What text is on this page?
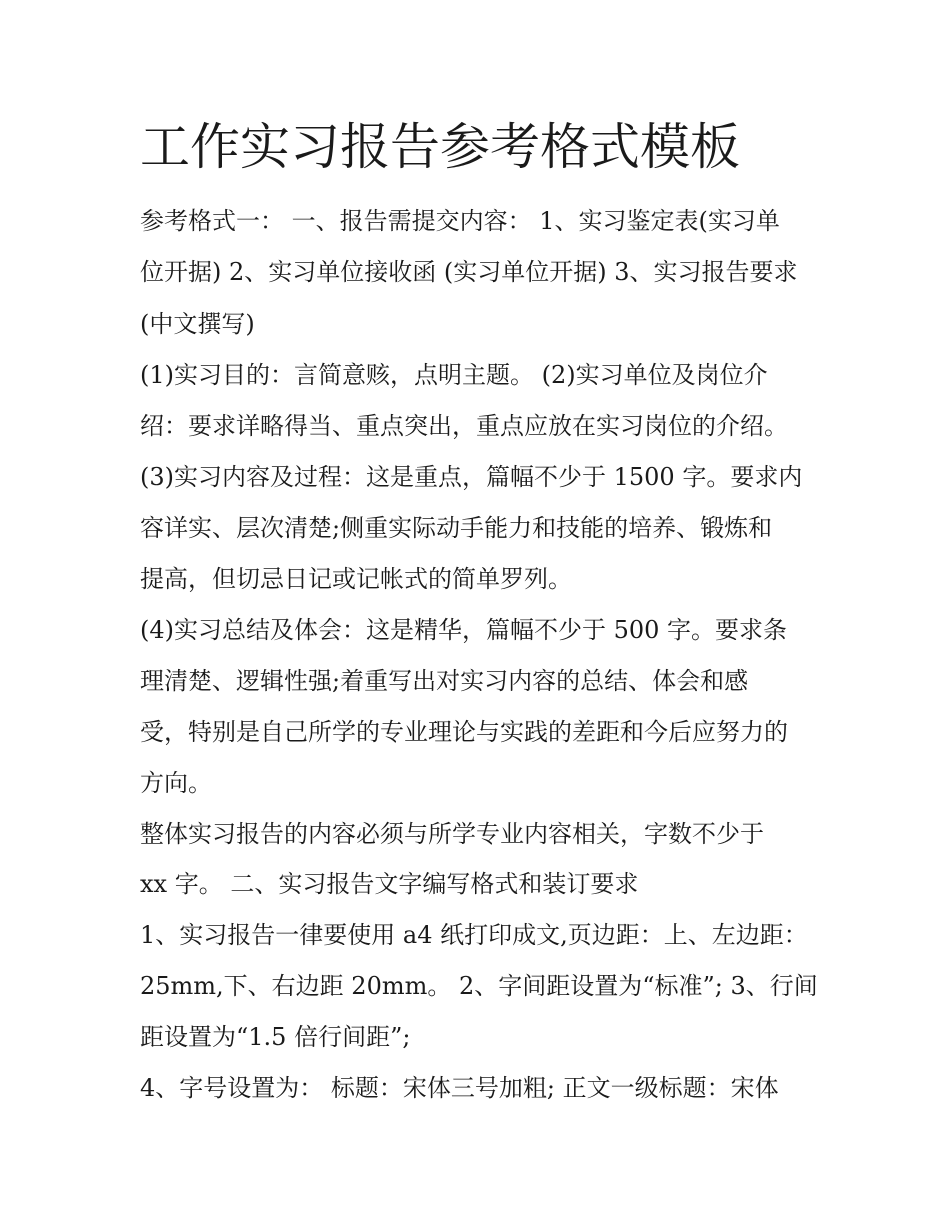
工作实习报告参考格式模板

参考格式一： 一、报告需提交内容： 1、实习鉴定表(实习单

位开据) 2、实习单位接收函 (实习单位开据) 3、实习报告要求

(中文撰写)

(1)实习目的：言简意赅，点明主题。 (2)实习单位及岗位介

绍：要求详略得当、重点突出，重点应放在实习岗位的介绍。

(3)实习内容及过程：这是重点，篇幅不少于 1500 字。要求内

容详实、层次清楚;侧重实际动手能力和技能的培养、锻炼和

提高，但切忌日记或记帐式的简单罗列。

(4)实习总结及体会：这是精华，篇幅不少于 500 字。要求条

理清楚、逻辑性强;着重写出对实习内容的总结、体会和感

受，特别是自己所学的专业理论与实践的差距和今后应努力的

方向。

整体实习报告的内容必须与所学专业内容相关，字数不少于

xx 字。 二、实习报告文字编写格式和装订要求

1、实习报告一律要使用 a4 纸打印成文,页边距：上、左边距：

25mm,下、右边距 20mm。 2、字间距设置为“标准”; 3、行间

距设置为“1.5 倍行间距”;

4、字号设置为： 标题：宋体三号加粗; 正文一级标题：宋体
